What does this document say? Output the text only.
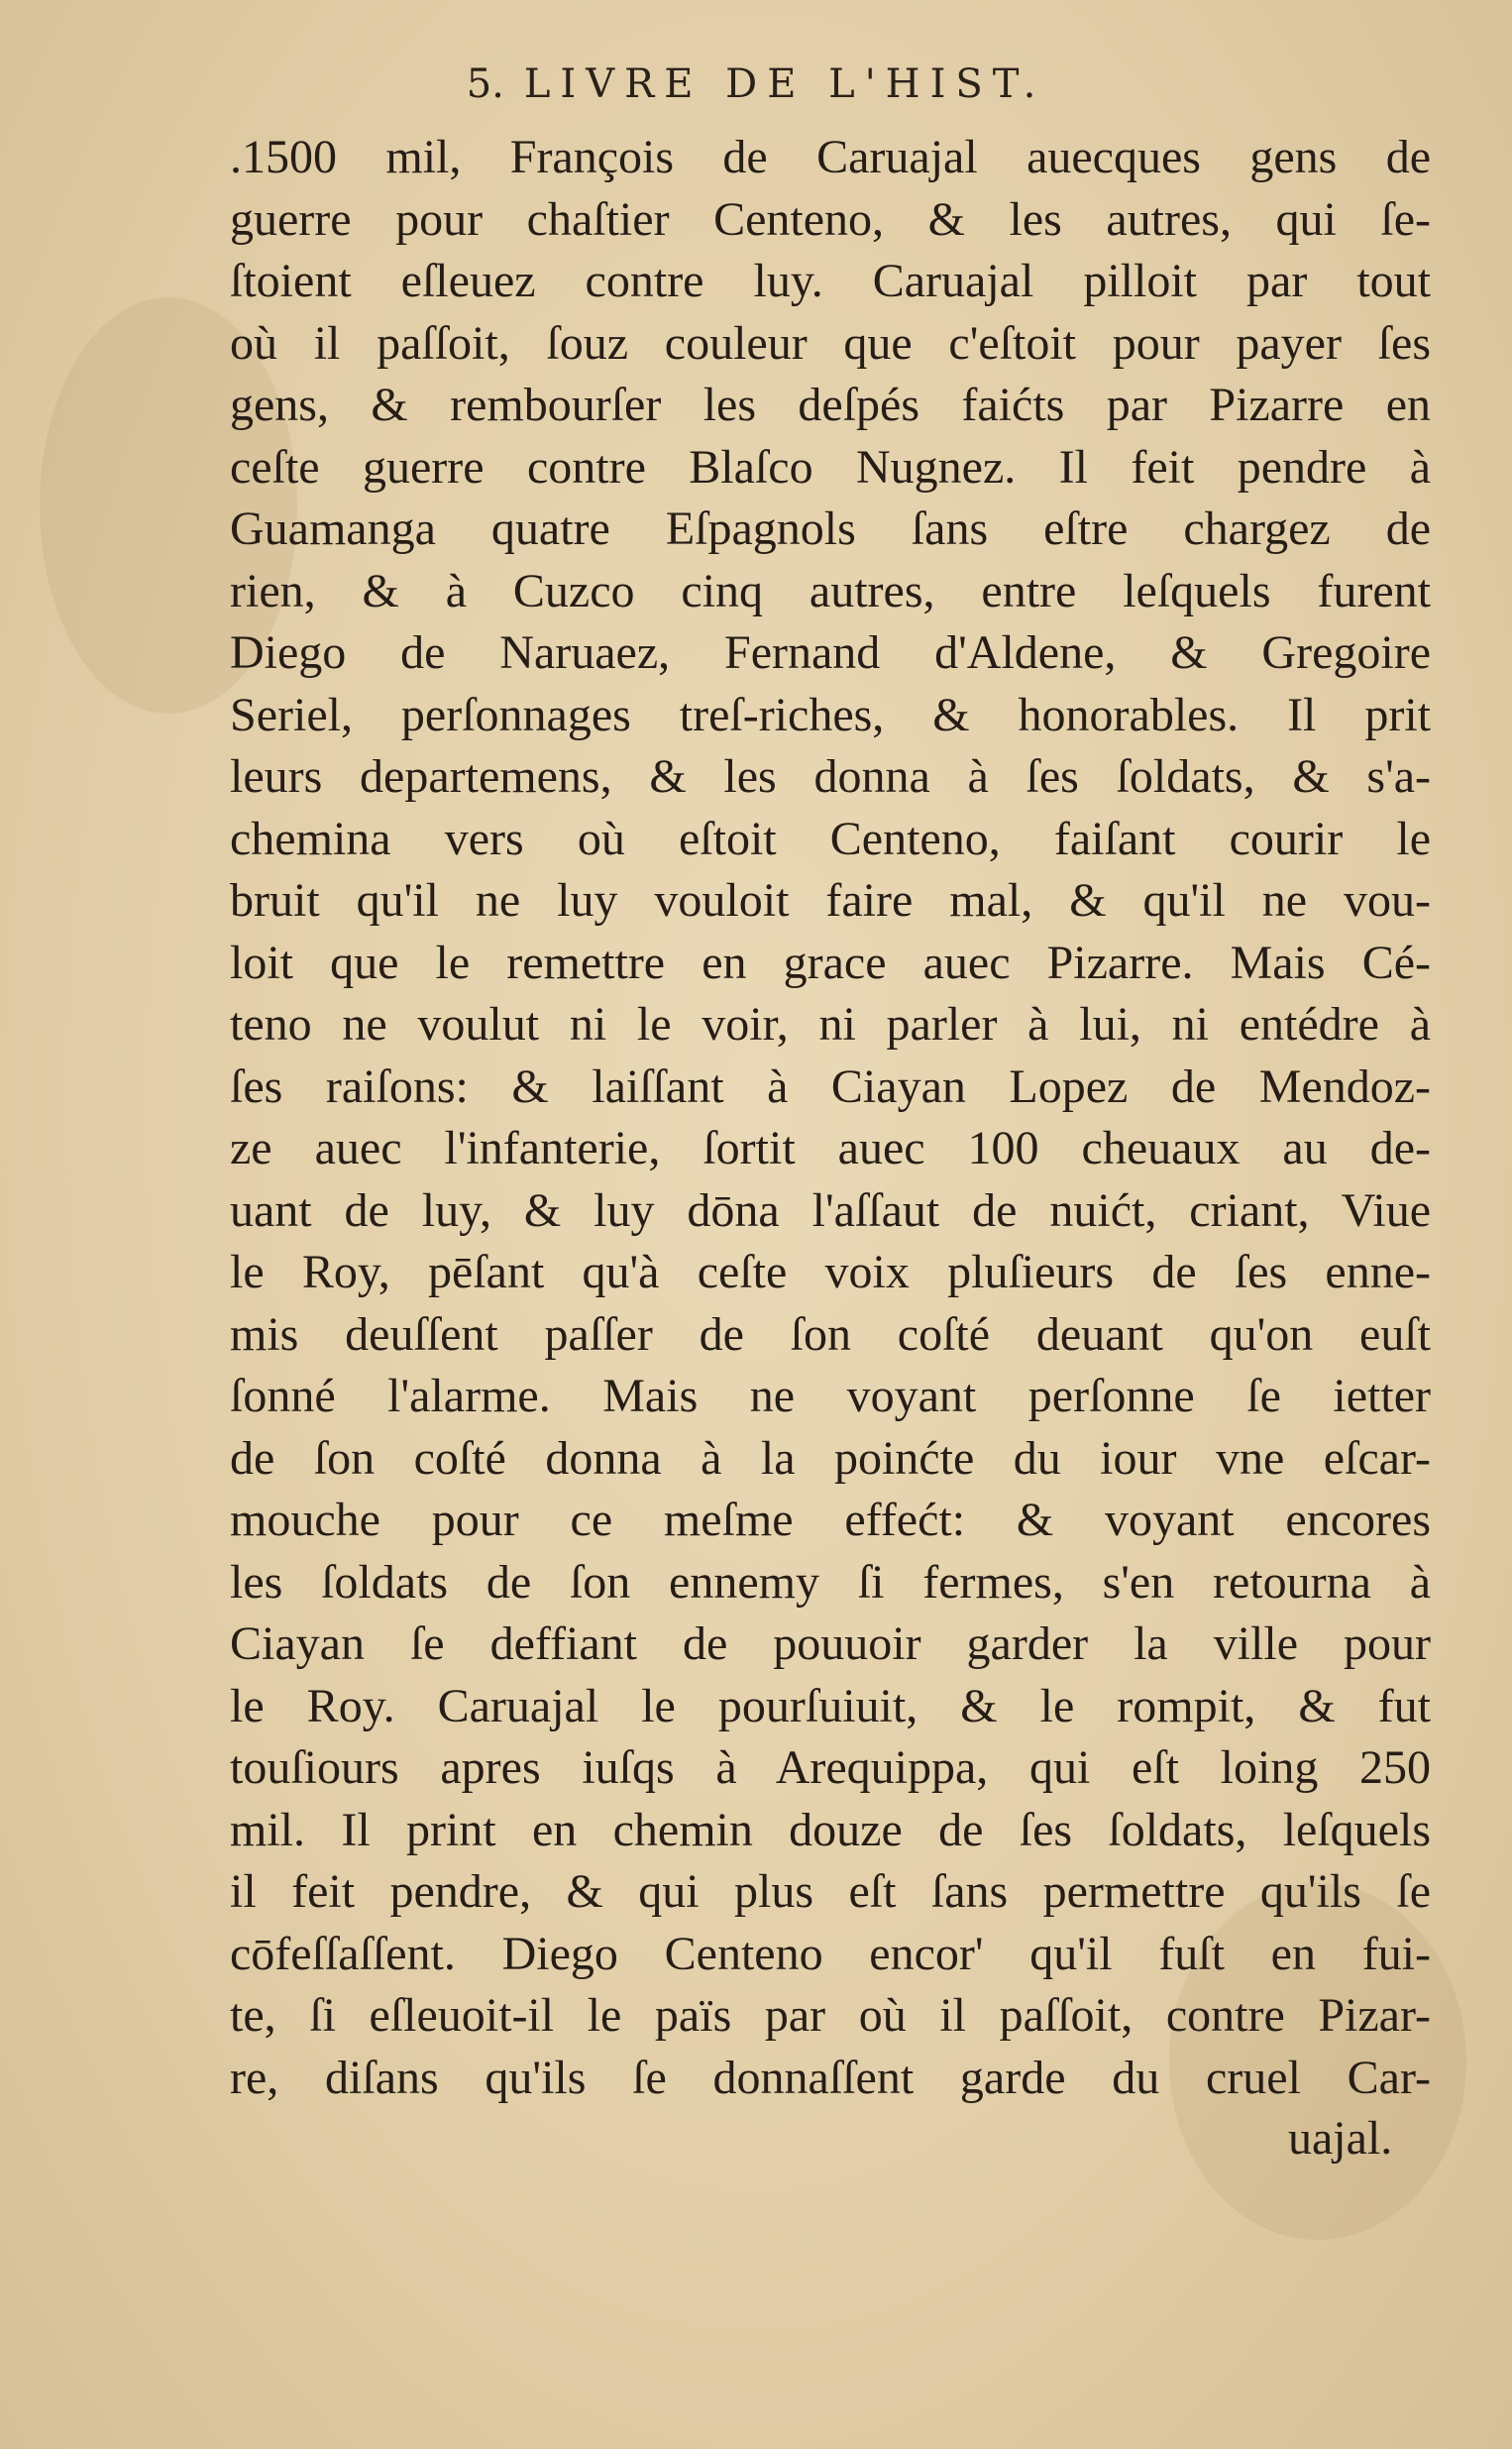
5. LIVRE DE L'HIST.
.1500 mil, François de Caruajal auecques gens de
guerre pour chaſtier Centeno, & les autres, qui ſe-
ſtoient eſleuez contre luy. Caruajal pilloit par tout
où il paſſoit, ſouz couleur que c'eſtoit pour payer ſes
gens, & rembourſer les deſpés faićts par Pizarre en
ceſte guerre contre Blaſco Nugnez. Il feit pendre à
Guamanga quatre Eſpagnols ſans eſtre chargez de
rien, & à Cuzco cinq autres, entre leſquels furent
Diego de Naruaez, Fernand d'Aldene, & Gregoire
Seriel, perſonnages treſ-riches, & honorables. Il prit
leurs departemens, & les donna à ſes ſoldats, & s'a-
chemina vers où eſtoit Centeno, faiſant courir le
bruit qu'il ne luy vouloit faire mal, & qu'il ne vou-
loit que le remettre en grace auec Pizarre. Mais Cé-
teno ne voulut ni le voir, ni parler à lui, ni entédre à
ſes raiſons: & laiſſant à Ciayan Lopez de Mendoz-
ze auec l'infanterie, ſortit auec 100 cheuaux au de-
uant de luy, & luy dōna l'aſſaut de nuićt, criant, Viue
le Roy, pēſant qu'à ceſte voix pluſieurs de ſes enne-
mis deuſſent paſſer de ſon coſté deuant qu'on euſt
ſonné l'alarme. Mais ne voyant perſonne ſe ietter
de ſon coſté donna à la poinćte du iour vne eſcar-
mouche pour ce meſme effećt: & voyant encores
les ſoldats de ſon ennemy ſi fermes, s'en retourna à
Ciayan ſe deffiant de pouuoir garder la ville pour
le Roy. Caruajal le pourſuiuit, & le rompit, & fut
touſiours apres iuſqs à Arequippa, qui eſt loing 250
mil. Il print en chemin douze de ſes ſoldats, leſquels
il feit pendre, & qui plus eſt ſans permettre qu'ils ſe
cōfeſſaſſent. Diego Centeno encor' qu'il fuſt en fui-
te, ſi eſleuoit-il le païs par où il paſſoit, contre Pizar-
re, diſans qu'ils ſe donnaſſent garde du cruel Car-
uajal.
